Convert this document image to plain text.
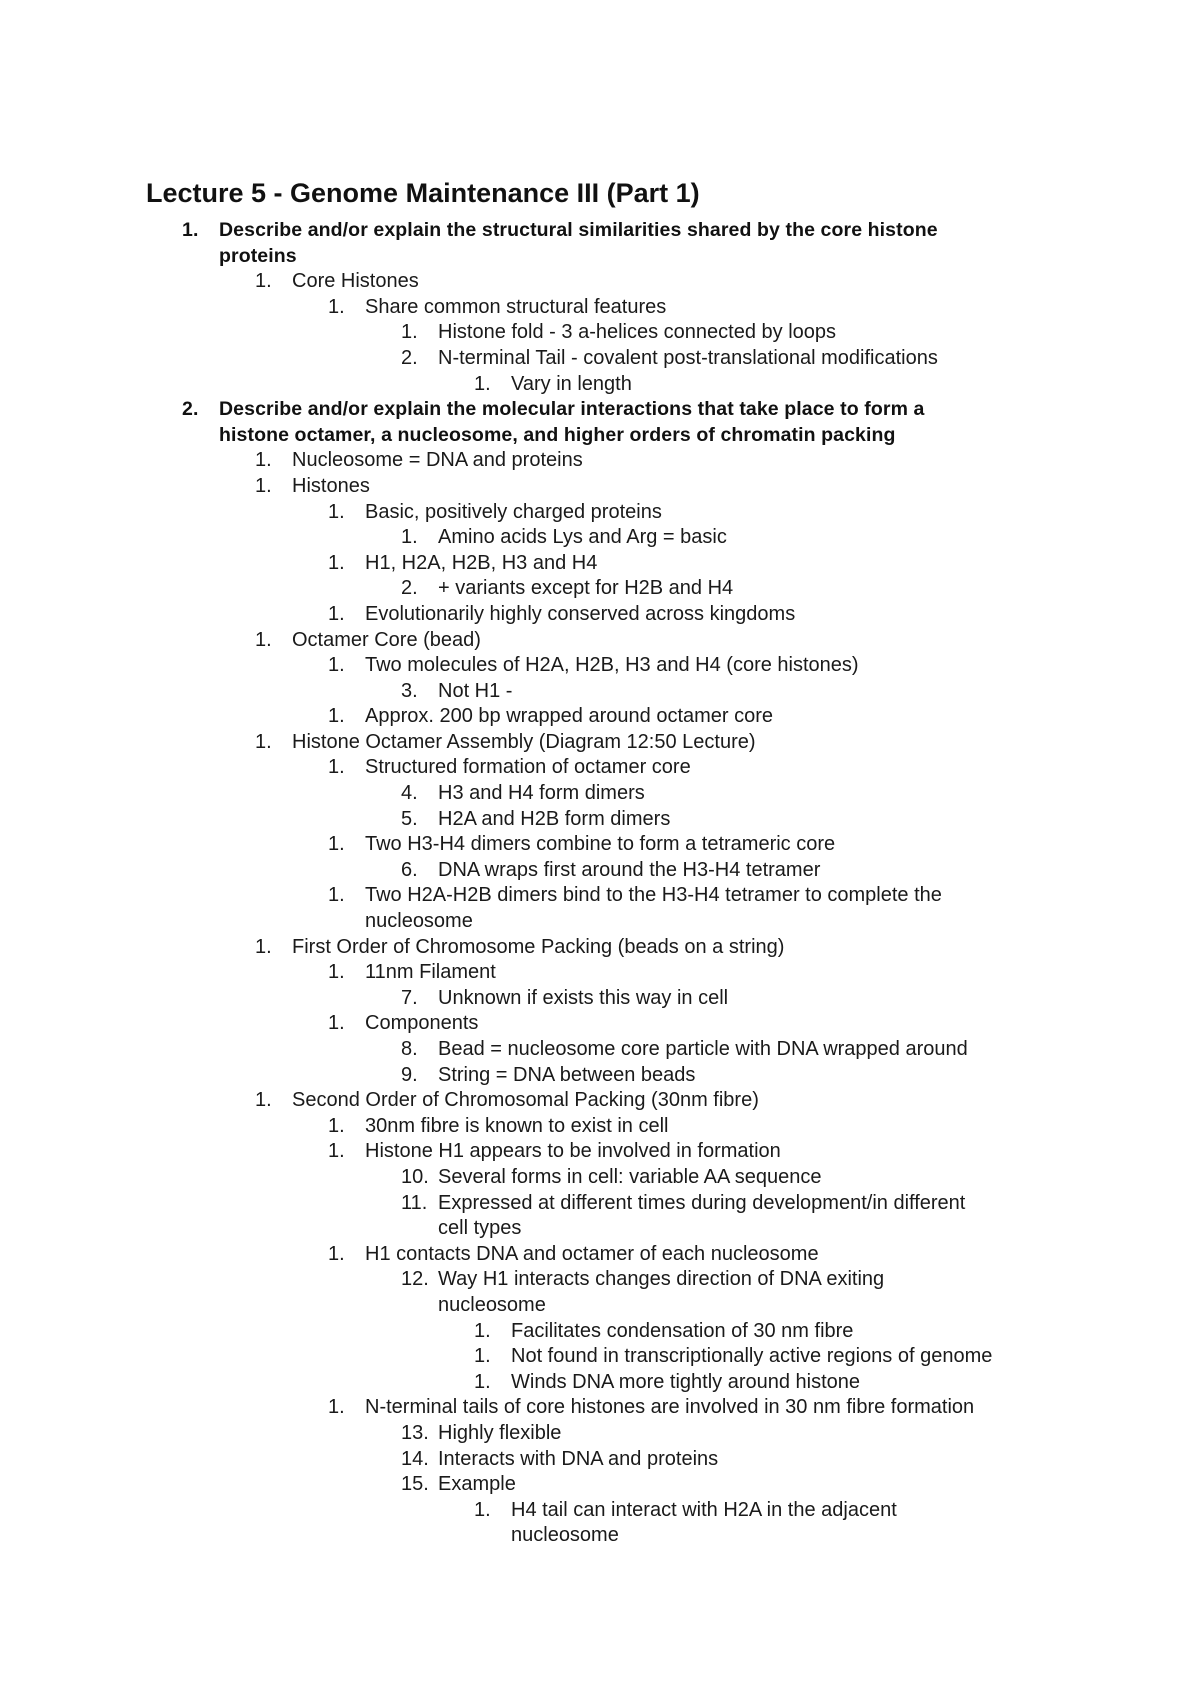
Lecture 5 - Genome Maintenance III (Part 1)
1. Describe and/or explain the structural similarities shared by the core histone
proteins
1. Core Histones
1. Share common structural features
1. Histone fold - 3 a-helices connected by loops
2. N-terminal Tail - covalent post-translational modifications
1. Vary in length
2. Describe and/or explain the molecular interactions that take place to form a
histone octamer, a nucleosome, and higher orders of chromatin packing
1. Nucleosome = DNA and proteins
1. Histones
1. Basic, positively charged proteins
1. Amino acids Lys and Arg = basic
1. H1, H2A, H2B, H3 and H4
2. + variants except for H2B and H4
1. Evolutionarily highly conserved across kingdoms
1. Octamer Core (bead)
1. Two molecules of H2A, H2B, H3 and H4 (core histones)
3. Not H1 -
1. Approx. 200 bp wrapped around octamer core
1. Histone Octamer Assembly (Diagram 12:50 Lecture)
1. Structured formation of octamer core
4. H3 and H4 form dimers
5. H2A and H2B form dimers
1. Two H3-H4 dimers combine to form a tetrameric core
6. DNA wraps first around the H3-H4 tetramer
1. Two H2A-H2B dimers bind to the H3-H4 tetramer to complete the
nucleosome
1. First Order of Chromosome Packing (beads on a string)
1. 11nm Filament
7. Unknown if exists this way in cell
1. Components
8. Bead = nucleosome core particle with DNA wrapped around
9. String = DNA between beads
1. Second Order of Chromosomal Packing (30nm fibre)
1. 30nm fibre is known to exist in cell
1. Histone H1 appears to be involved in formation
10. Several forms in cell: variable AA sequence
11. Expressed at different times during development/in different
cell types
1. H1 contacts DNA and octamer of each nucleosome
12. Way H1 interacts changes direction of DNA exiting
nucleosome
1. Facilitates condensation of 30 nm fibre
1. Not found in transcriptionally active regions of genome
1. Winds DNA more tightly around histone
1. N-terminal tails of core histones are involved in 30 nm fibre formation
13. Highly flexible
14. Interacts with DNA and proteins
15. Example
1. H4 tail can interact with H2A in the adjacent
nucleosome
